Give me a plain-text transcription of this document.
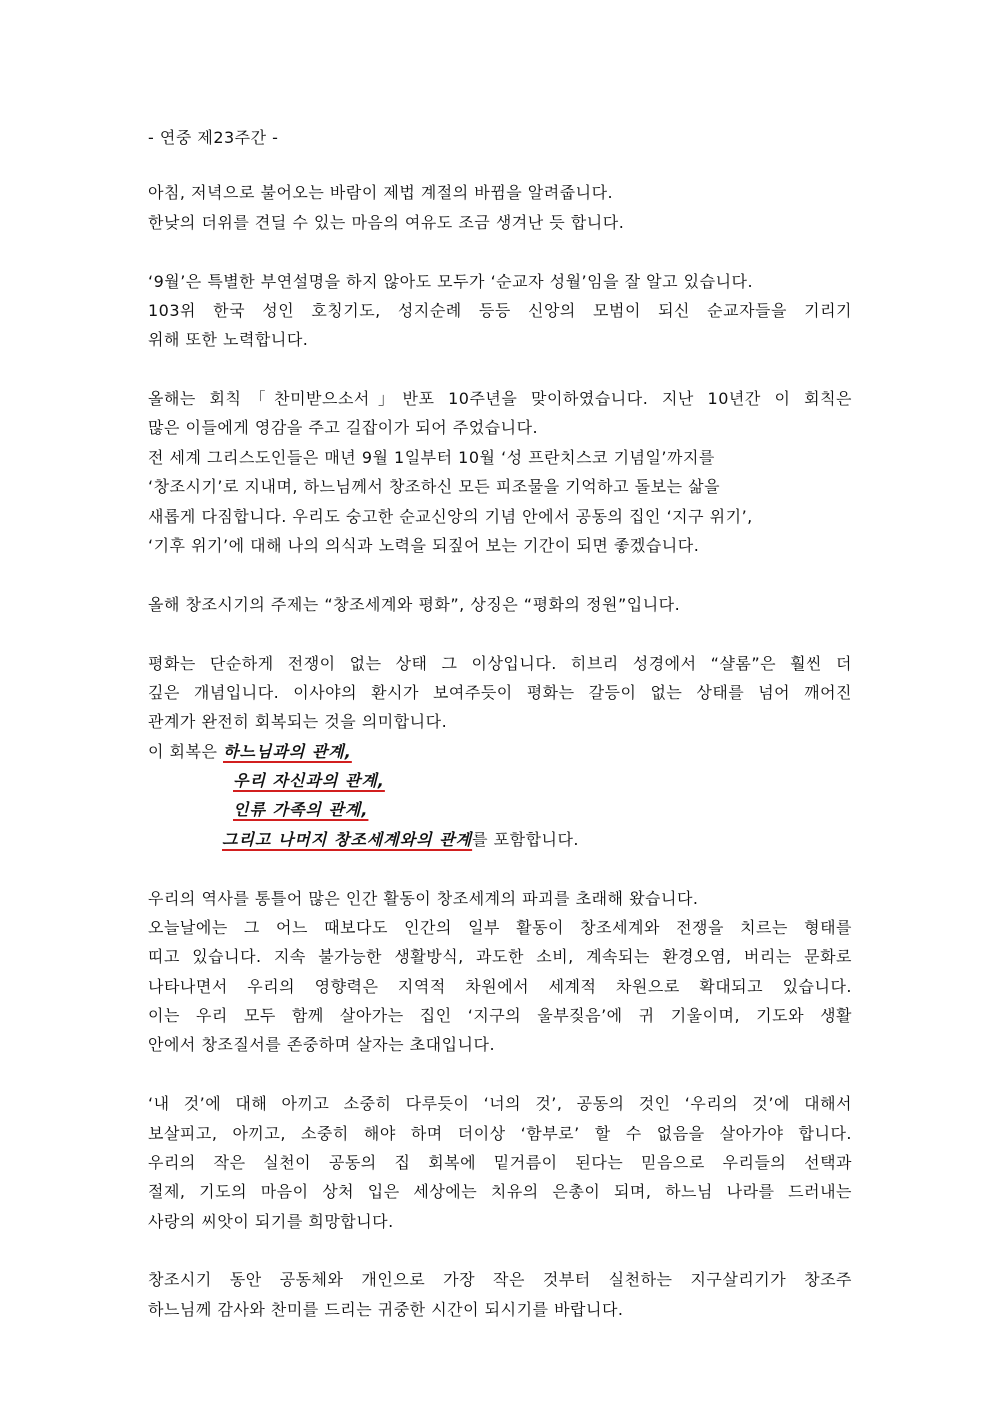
- 연중 제23주간 -
아침, 저녁으로 불어오는 바람이 제법 계절의 바뀜을 알려줍니다.
한낮의 더위를 견딜 수 있는 마음의 여유도 조금 생겨난 듯 합니다.
‘9월’은 특별한 부연설명을 하지 않아도 모두가 ‘순교자 성월’임을 잘 알고 있습니다.
103위 한국 성인 호칭기도, 성지순례 등등 신앙의 모범이 되신 순교자들을 기리기
위해 또한 노력합니다.
올해는 회칙「찬미받으소서」반포 10주년을 맞이하였습니다. 지난 10년간 이 회칙은
많은 이들에게 영감을 주고 길잡이가 되어 주었습니다.
전 세계 그리스도인들은 매년 9월 1일부터 10월 ‘성 프란치스코 기념일’까지를
‘창조시기’로 지내며, 하느님께서 창조하신 모든 피조물을 기억하고 돌보는 삶을
새롭게 다짐합니다. 우리도 숭고한 순교신앙의 기념 안에서 공동의 집인 ‘지구 위기’,
‘기후 위기’에 대해 나의 의식과 노력을 되짚어 보는 기간이 되면 좋겠습니다.
올해 창조시기의 주제는 “창조세계와 평화”, 상징은 “평화의 정원”입니다.
평화는 단순하게 전쟁이 없는 상태 그 이상입니다. 히브리 성경에서 “샬롬”은 훨씬 더
깊은 개념입니다. 이사야의 환시가 보여주듯이 평화는 갈등이 없는 상태를 넘어 깨어진
관계가 완전히 회복되는 것을 의미합니다.
이 회복은 하느님과의 관계,
우리 자신과의 관계,
인류 가족의 관계,
그리고 나머지 창조세계와의 관계를 포함합니다.
우리의 역사를 통틀어 많은 인간 활동이 창조세계의 파괴를 초래해 왔습니다.
오늘날에는 그 어느 때보다도 인간의 일부 활동이 창조세계와 전쟁을 치르는 형태를
띠고 있습니다. 지속 불가능한 생활방식, 과도한 소비, 계속되는 환경오염, 버리는 문화로
나타나면서 우리의 영향력은 지역적 차원에서 세계적 차원으로 확대되고 있습니다.
이는 우리 모두 함께 살아가는 집인 ‘지구의 울부짖음’에 귀 기울이며, 기도와 생활
안에서 창조질서를 존중하며 살자는 초대입니다.
‘내 것’에 대해 아끼고 소중히 다루듯이 ‘너의 것’, 공동의 것인 ‘우리의 것’에 대해서
보살피고, 아끼고, 소중히 해야 하며 더이상 ‘함부로’ 할 수 없음을 살아가야 합니다.
우리의 작은 실천이 공동의 집 회복에 밑거름이 된다는 믿음으로 우리들의 선택과
절제, 기도의 마음이 상처 입은 세상에는 치유의 은총이 되며, 하느님 나라를 드러내는
사랑의 씨앗이 되기를 희망합니다.
창조시기 동안 공동체와 개인으로 가장 작은 것부터 실천하는 지구살리기가 창조주
하느님께 감사와 찬미를 드리는 귀중한 시간이 되시기를 바랍니다.
